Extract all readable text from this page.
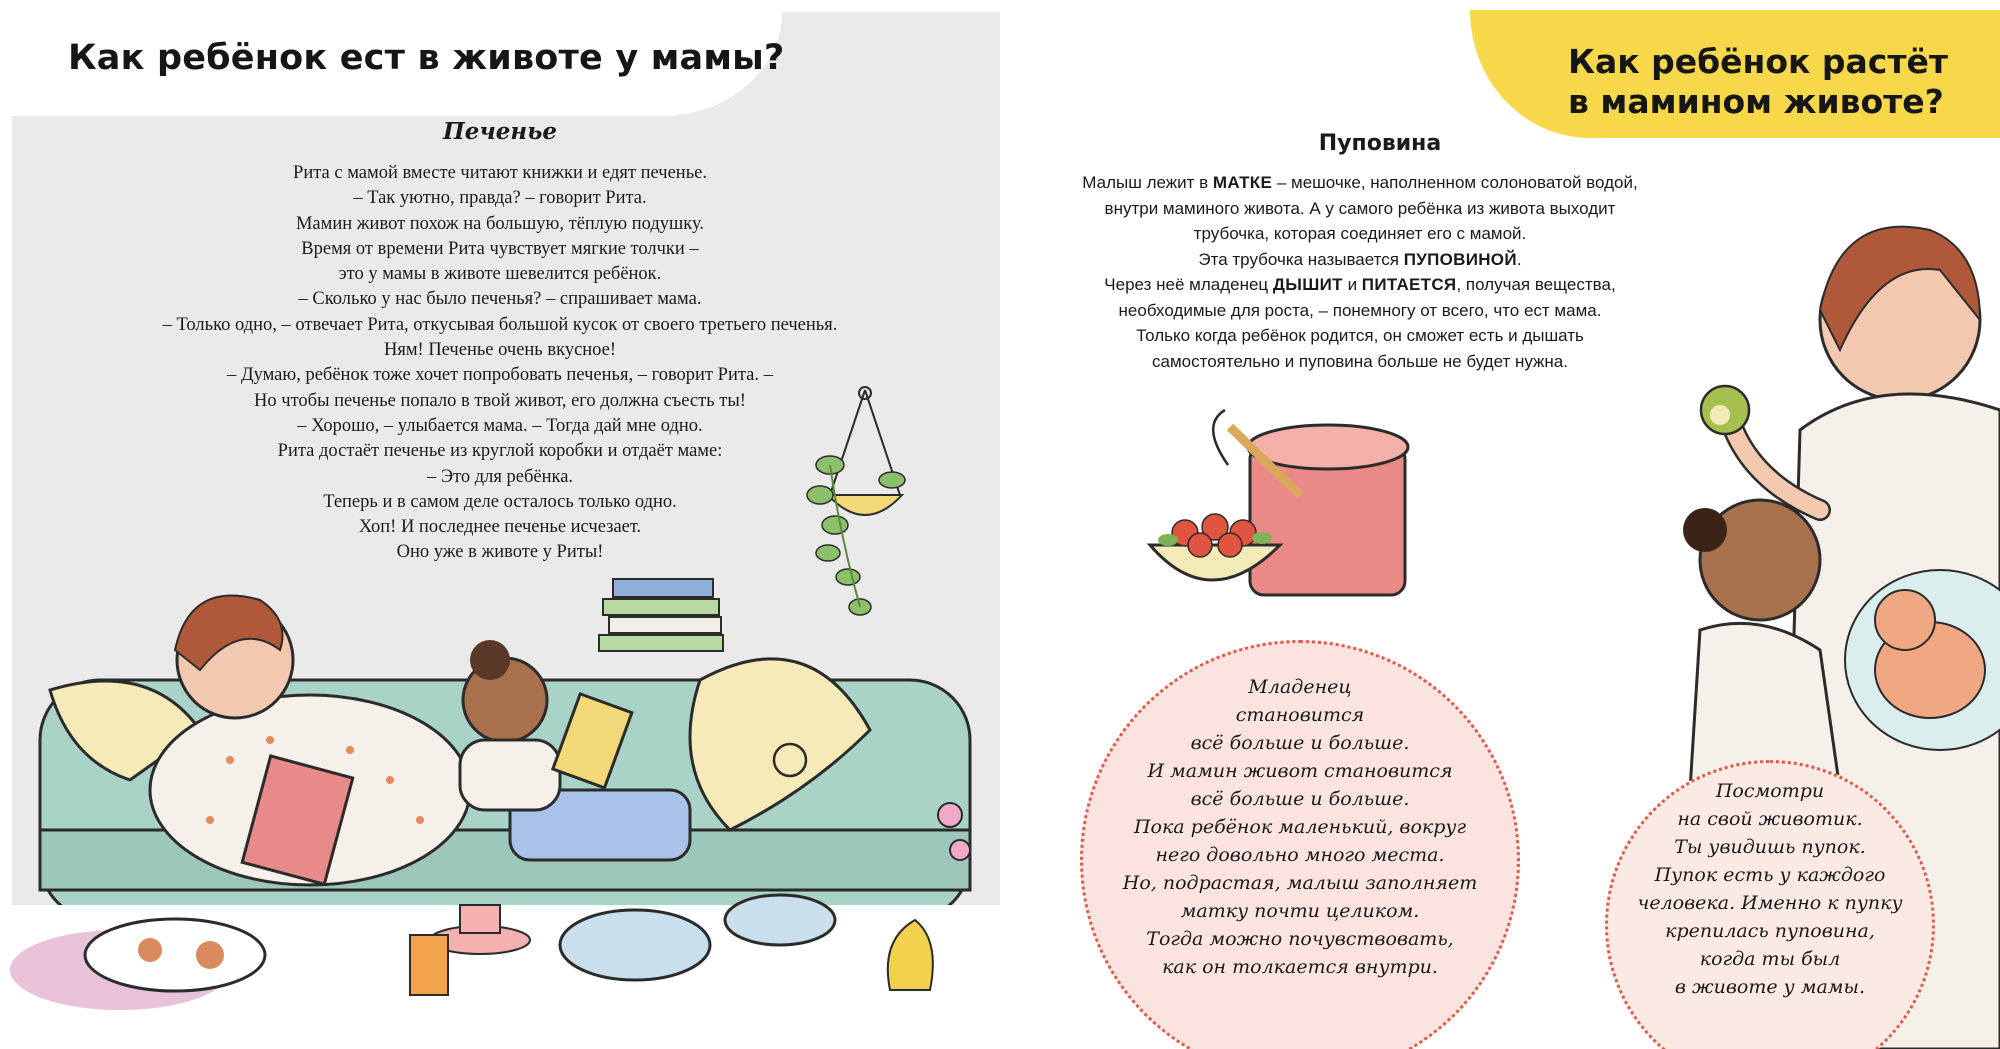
Как ребёнок ест в животе у мамы?
Печенье
Рита с мамой вместе читают книжки и едят печенье.
– Так уютно, правда? – говорит Рита.
Мамин живот похож на большую, тёплую подушку.
Время от времени Рита чувствует мягкие толчки –
это у мамы в животе шевелится ребёнок.
– Сколько у нас было печенья? – спрашивает мама.
– Только одно, – отвечает Рита, откусывая большой кусок от своего третьего печенья.
Ням! Печенье очень вкусное!
– Думаю, ребёнок тоже хочет попробовать печенья, – говорит Рита. –
Но чтобы печенье попало в твой живот, его должна съесть ты!
– Хорошо, – улыбается мама. – Тогда дай мне одно.
Рита достаёт печенье из круглой коробки и отдаёт маме:
– Это для ребёнка.
Теперь и в самом деле осталось только одно.
Хоп! И последнее печенье исчезает.
Оно уже в животе у Риты!
Как ребёнок растёт
в мамином животе?
Пуповина
Малыш лежит в МАТКЕ – мешочке, наполненном солоноватой водой,
внутри маминого живота. А у самого ребёнка из живота выходит
трубочка, которая соединяет его с мамой.
Эта трубочка называется ПУПОВИНОЙ.
Через неё младенец ДЫШИТ и ПИТАЕТСЯ, получая вещества,
необходимые для роста, – понемногу от всего, что ест мама.
Только когда ребёнок родится, он сможет есть и дышать
самостоятельно и пуповина больше не будет нужна.
Младенец
становится
всё больше и больше.
И мамин живот становится
всё больше и больше.
Пока ребёнок маленький, вокруг
него довольно много места.
Но, подрастая, малыш заполняет
матку почти целиком.
Тогда можно почувствовать,
как он толкается внутри.
Посмотри
на свой животик.
Ты увидишь пупок.
Пупок есть у каждого
человека. Именно к пупку
крепилась пуповина,
когда ты был
в животе у мамы.
